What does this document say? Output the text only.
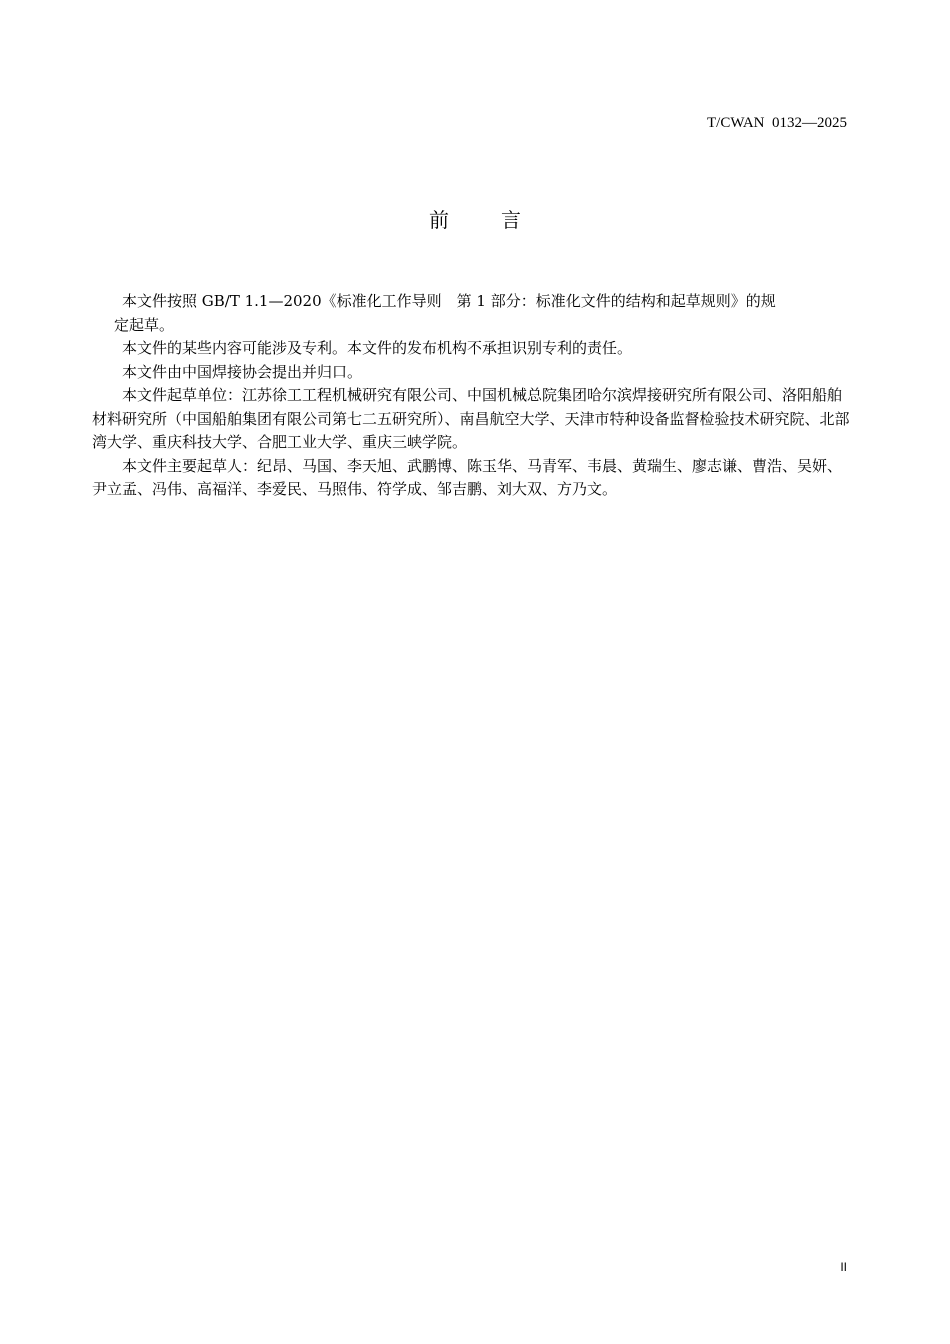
T/CWAN  0132—2025
前	言

本文件按照 GB/T 1.1—2020《标准化工作导则　第 1 部分：标准化文件的结构和起草规则》的规
定起草。

本文件的某些内容可能涉及专利。本文件的发布机构不承担识别专利的责任。

本文件由中国焊接协会提出并归口。

本文件起草单位：江苏徐工工程机械研究有限公司、中国机械总院集团哈尔滨焊接研究所有限公司、洛阳船舶材料研究所（中国船舶集团有限公司第七二五研究所）、南昌航空大学、天津市特种设备监督检验技术研究院、北部湾大学、重庆科技大学、合肥工业大学、重庆三峡学院。

本文件主要起草人：纪昂、马国、李天旭、武鹏博、陈玉华、马青军、韦晨、黄瑞生、廖志谦、曹浩、吴妍、尹立孟、冯伟、高福洋、李爱民、马照伟、符学成、邹吉鹏、刘大双、方乃文。

II
